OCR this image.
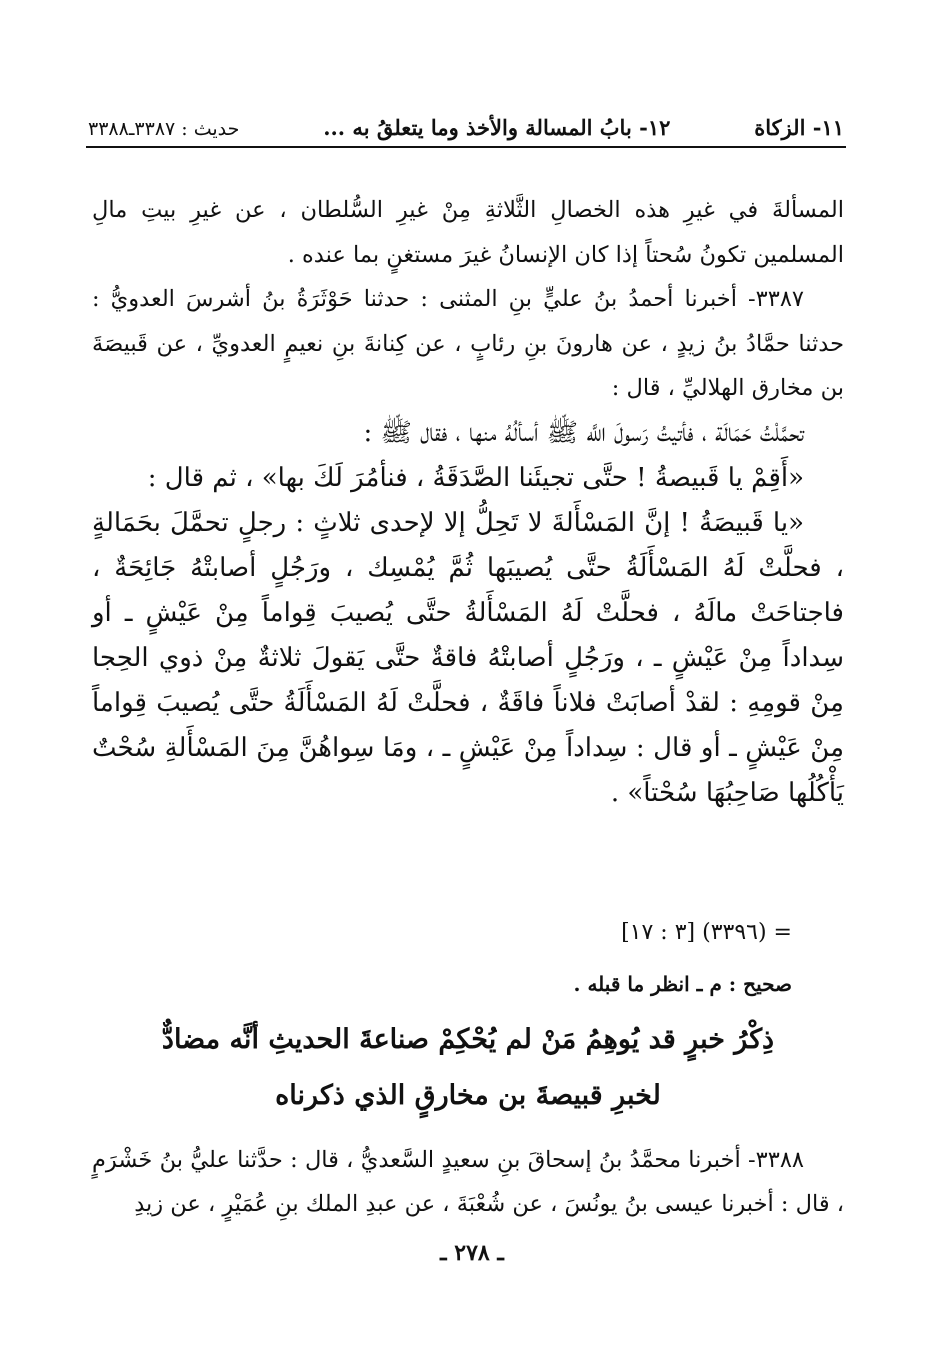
١١- الزكاة
١٢- بابُ المسالة والأخذ وما يتعلقُ به ...
حديث : ٣٣٨٧ـ٣٣٨٨

المسألةَ في غيرِ هذه الخصالِ الثَّلاثةِ مِنْ غيرِ السُّلطان ، عن غيرِ بيتِ مالِ المسلمين تكونُ سُحتاً إذا كان الإنسانُ غيرَ مستغنٍ بما عنده .

٣٣٨٧- أخبرنا أحمدُ بنُ عليٍّ بنِ المثنى : حدثنا حَوْثَرَةُ بنُ أشرسَ العدويُّ : حدثنا حمَّادُ بنُ زيدٍ ، عن هارونَ بنِ رئابٍ ، عن كِنانةَ بنِ نعيمٍ العدويِّ ، عن قَبيصَةَ بن مخارق الهلاليِّ ، قال :

تحمَّلْتُ حَمَالَة ، فأتيتُ رَسولَ اللَّه ﷺ أسألُهُ منها ، فقال ﷺ :

«أَقِمْ يا قَبيصةُ ! حتَّى تجيئَنا الصَّدَقَةُ ، فنأمُرَ لَكَ بها» ، ثم قال :

«يا قَبيصَةُ ! إنَّ المَسْأَلةَ لا تَحِلُّ إلا لإحدى ثلاثٍ : رجلٍ تحمَّلَ بحَمَالةٍ ، فحلَّتْ لَهُ المَسْأَلَةُ حتَّى يُصيبَها ثُمَّ يُمْسِك ، ورَجُلٍ أصابتْهُ جَائِحَةٌ ، فاجتاحَتْ مالَهُ ، فحلَّتْ لَهُ المَسْأَلةُ حتَّى يُصيبَ قِواماً مِنْ عَيْشٍ ـ أو سِداداً مِنْ عَيْشٍ ـ ، ورَجُلٍ أصابتْهُ فاقةٌ حتَّى يَقولَ ثلاثةٌ مِنْ ذوي الحِجا مِنْ قومِهِ : لقدْ أصابَتْ فلاناً فاقَةٌ ، فحلَّتْ لَهُ المَسْأَلَةُ حتَّى يُصيبَ قِواماً مِنْ عَيْشٍ ـ أو قال : سِداداً مِنْ عَيْشٍ ـ ، ومَا سِواهُنَّ مِنَ المَسْأَلةِ سُحْتٌ يَأْكُلُها صَاحِبُهَا سُحْتاً» .

= (٣٣٩٦) [٣ : ١٧]
صحيح : م ـ انظر ما قبله .
ذِكْرُ خبرٍ قد يُوهِمُ مَنْ لم يُحْكِمْ صناعةَ الحديثِ أنَّه مضادٌّ
لخبرِ قبيصةَ بن مخارقٍ الذي ذكرناه

٣٣٨٨- أخبرنا محمَّدُ بنُ إسحاقَ بنِ سعيدٍ السَّعديُّ ، قال : حدَّثنا عليُّ بنُ خَشْرَمٍ ، قال : أخبرنا عيسى بنُ يونُسَ ، عن شُعْبَةَ ، عن عبدِ الملك بنِ عُمَيْرٍ ، عن زيدِ

ـ ٢٧٨ ـ
